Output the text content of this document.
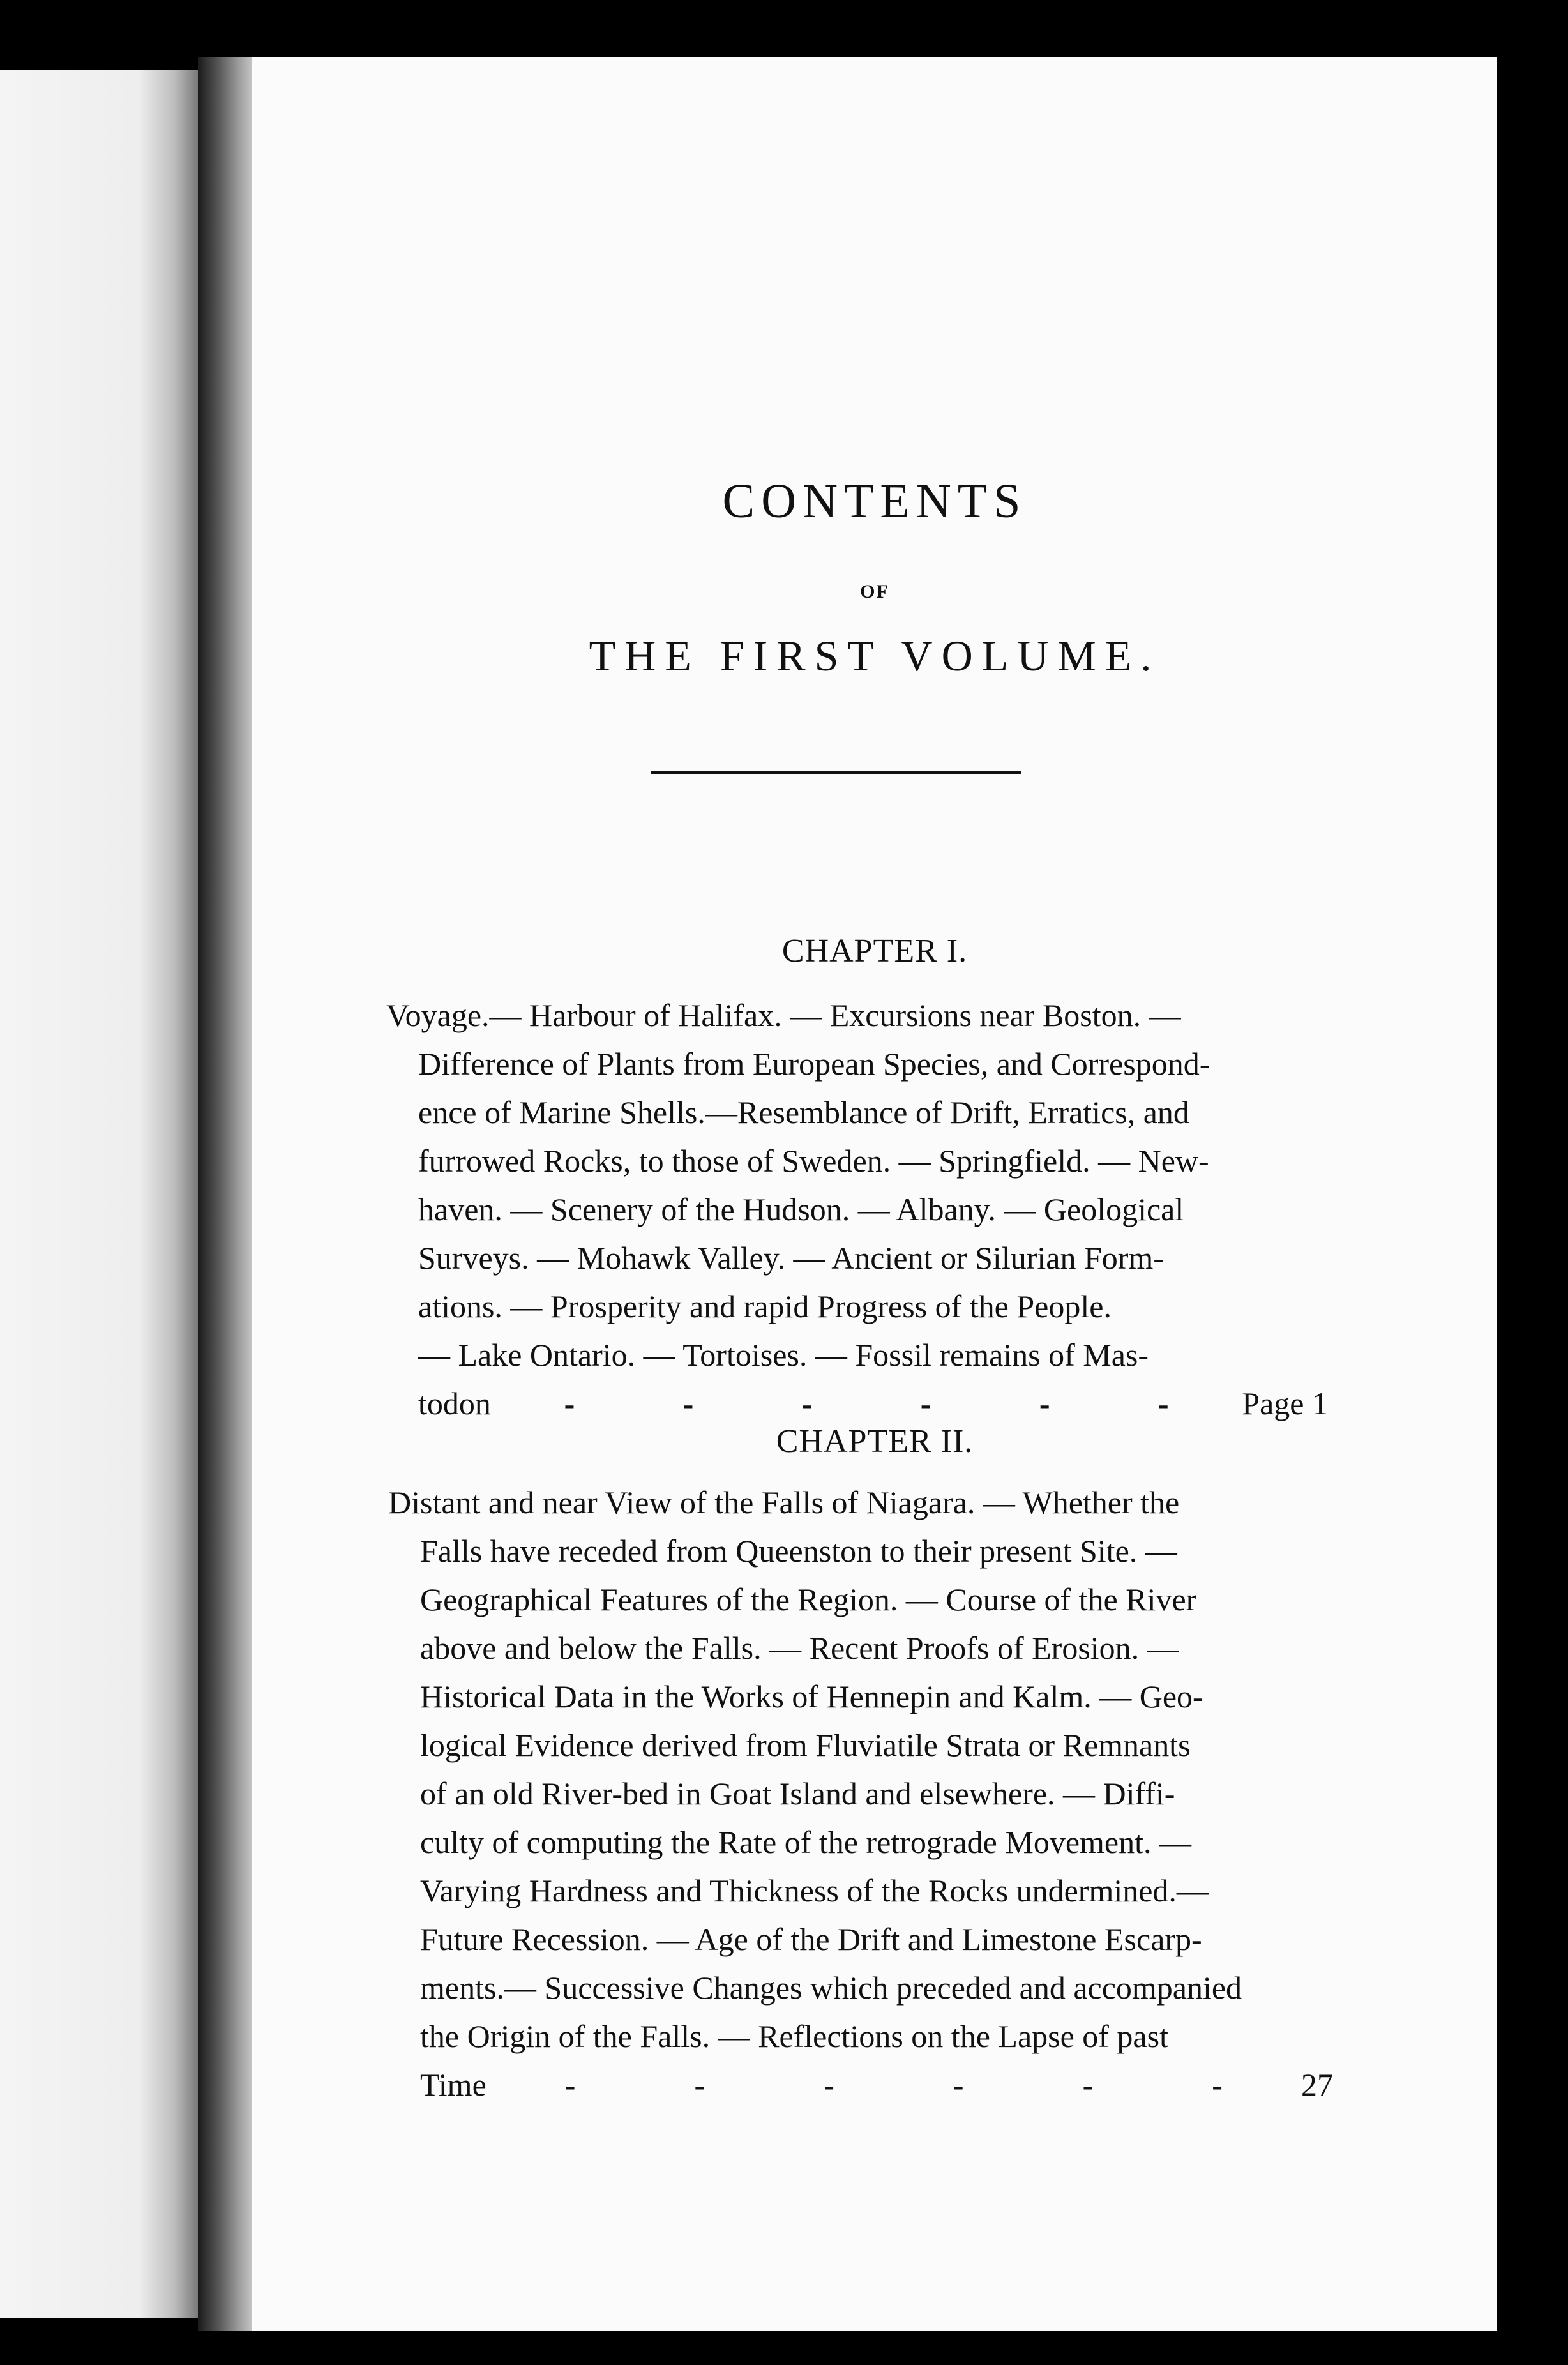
CONTENTS
OF
THE FIRST VOLUME.
CHAPTER I.
Voyage.— Harbour of Halifax. — Excursions near Boston. —
Difference of Plants from European Species, and Correspond-
ence of Marine Shells.—Resemblance of Drift, Erratics, and
furrowed Rocks, to those of Sweden. — Springfield. — New-
haven. — Scenery of the Hudson. — Albany. — Geological
Surveys. — Mohawk Valley. — Ancient or Silurian Form-
ations. — Prosperity and rapid Progress of the People.
— Lake Ontario. — Tortoises. — Fossil remains of Mas-
todon -	-	-	-	-	- Page 1
CHAPTER II.
Distant and near View of the Falls of Niagara. — Whether the
Falls have receded from Queenston to their present Site. —
Geographical Features of the Region. — Course of the River
above and below the Falls. — Recent Proofs of Erosion. —
Historical Data in the Works of Hennepin and Kalm. — Geo-
logical Evidence derived from Fluviatile Strata or Remnants
of an old River-bed in Goat Island and elsewhere. — Diffi-
culty of computing the Rate of the retrograde Movement. —
Varying Hardness and Thickness of the Rocks undermined.—
Future Recession. — Age of the Drift and Limestone Escarp-
ments.— Successive Changes which preceded and accompanied
the Origin of the Falls. — Reflections on the Lapse of past
Time -	-	-	-	-	- 27
